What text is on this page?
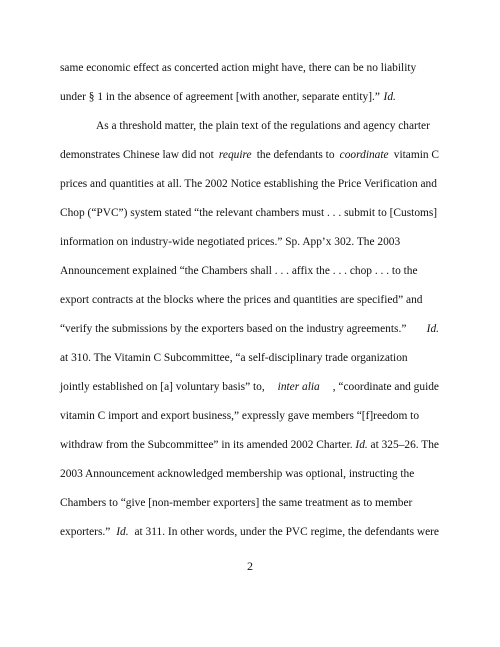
same economic effect as concerted action might have, there can be no liability
under § 1 in the absence of agreement [with another, separate entity].” Id.
As a threshold matter, the plain text of the regulations and agency charter
demonstrates Chinese law did not require the defendants to coordinate vitamin C
prices and quantities at all. The 2002 Notice establishing the Price Verification and
Chop (“PVC”) system stated “the relevant chambers must . . . submit to [Customs]
information on industry-wide negotiated prices.” Sp. App’x 302. The 2003
Announcement explained “the Chambers shall . . . affix the . . . chop . . . to the
export contracts at the blocks where the prices and quantities are specified” and
“verify the submissions by the exporters based on the industry agreements.” Id.
at 310. The Vitamin C Subcommittee, “a self-disciplinary trade organization
jointly established on [a] voluntary basis” to, inter alia , “coordinate and guide
vitamin C import and export business,” expressly gave members “[f]reedom to
withdraw from the Subcommittee” in its amended 2002 Charter. Id. at 325–26. The
2003 Announcement acknowledged membership was optional, instructing the
Chambers to “give [non-member exporters] the same treatment as to member
exporters.” Id. at 311. In other words, under the PVC regime, the defendants were
2
